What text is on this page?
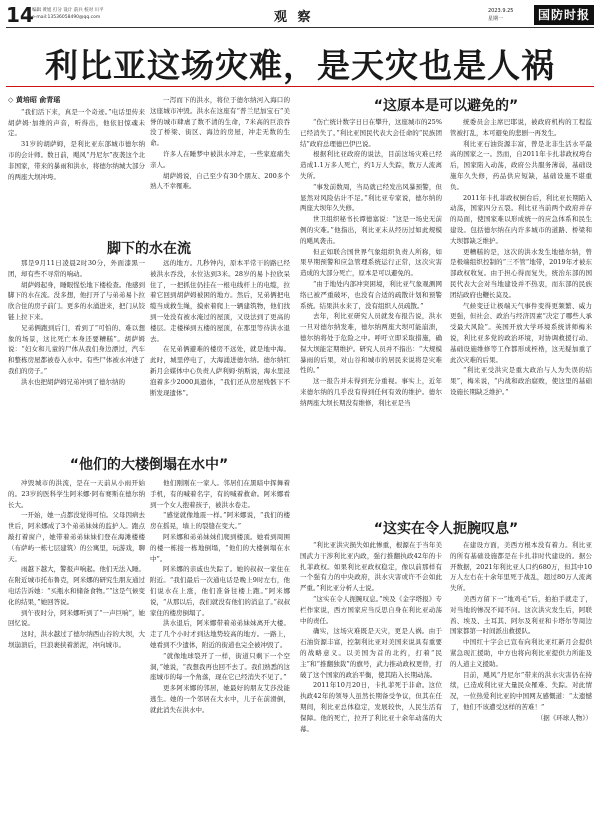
14
编辑 黄旭 打分 设计 前兵 校对 川平
e-mail:13536058490@qq.com	观 察	2023.9.25
星期一	国防时报
利比亚这场灾难，是天灾也是人祸

◇ 黄培昭 俞青瑶

“我们活下来，真是一个奇迹。”电话里传来胡萨姆·加维的声音，听得出，他依旧惊魂未定。

31岁的胡萨姆，是利比亚东部城市德尔纳市的会计师。数日前，飓风“丹尼尔”夜袭这个北非国家，带来的暴雨和洪水，将德尔纳城大部分的两座大坝冲垮。

一泻而下的洪水，将位于德尔纳河入海口的这座城市冲毁。洪水在这座有“普兰尼加宝石”美誉的城市肆虐了数不清的生命，7米高的巨浪吞没了桥梁、街区、海边的房屋，冲走无数的生命。

许多人在睡梦中被洪水冲走，一些家庭痛失亲人。

胡萨姆说，自己至少有30个朋友、200多个熟人不幸罹难。

脚下的水在流

那是9月11日凌晨2时30分，外面漆黑一团，却有些不寻常的响动。

胡萨姆起身，睡眼惺忪地下楼检查。他感到脚下的水在流。没多想，他打开了与弟弟易卜拉欣合住的房子前门。更多的水涌进来，把门从铰链上拉下来。

兄弟俩跑到后门，看到了“可怕的、难以想象的场景，这比死亡本身还要糟糕”。胡萨姆说：“妇女和儿童的尸体从我们身边漂过，汽车和整栋房屋都被卷入水中。有些尸体被水冲进了我们的房子。”

洪水也把胡萨姆兄弟冲到了德尔纳的

远的地方。几秒钟内，原本平常干的路已经被洪水吞没，水位达到3米。28岁的易卜拉欣呆住了，一把抓住仍挂在一根电线杆上的电缆，拉着它回到胡萨姆被困的地方。然后，兄弟俩把电缆当成救生绳，摸索着爬上一辆建筑物，他们找到一处没有被水淹过的屋顶，又设法到了更高的楼层。走楼梯到五楼的屋顶，在那里等待洪水退去。

在兄弟俩避难的楼房不远处，就是地中海。此时，城里停电了，大海涌进德尔纳。德尔纳红新月会媒体中心负责人萨利姆·纳斯说，海水里浸泡着多少2000具遗体，“我们还从房屋残骸下不断发现遗体”。

“他们的大楼倒塌在水中”

冲毁城市的洪流，是在一天前从小雨开始的。23岁的医科学生阿米娜·阿布赛斯在德尔纳长大。

一开始，她一点都没觉得可怕。父母因病去世后，阿米娜成了3个弟弟妹妹的监护人。跑点敲打着窗户，她带着弟弟妹妹们登在海滩楼楼（布萨屿一栋七层建筑）的公寓里，玩游戏，聊天。

雨越下越大，警报声响起。他们无法入睡。在附近城市托布鲁克，阿米娜的研究生朋友通过电话告诉她：“买瓶水和储备食物。”“这是气候变化的结果，”她回答说。

到午夜时分，阿米娜听到了“一声巨响”，她回忆说。

这时，洪水越过了德尔纳西山谷的大坝，大坝崩溃后，巨浪裹挟着淤泥，冲向城市。

他们刚刚在一家人。邻居们在黑暗中挥舞着手机，有的喊着名字，有的喊着救命。阿米娜看到一个女人抱着孩子，被洪水卷走。

“感觉就像地震一样。”阿米娜说，“我们的楼房在摇晃，墙上的裂缝在变大。”

阿米娜和弟弟妹妹们爬到楼顶。她看到周围的楼一栋接一栋地倒塌，“他们的大楼倒塌在水中”。

阿米娜的亲戚也失踪了。她的叔叔一家住在附近。“我们最后一次通电话是晚上9时左右，他们说水在上涨，他们准备往楼上跑。”阿米娜说，“从那以后，我们就没有他们的消息了。”叔叔家住的楼房倒塌了。

洪水退后，阿米娜带着弟弟妹妹离开大楼。走了几个小时才到达地势较高的地方。一路上，她看到不少遗体，附近的街道也完全被冲毁了。

“就像地球裂开了一样，街道只剩下一个空洞，”她说，“我想我再也回不去了。我们熟悉的这座城市的每一个角落，现在它已经消失不见了。”

更多阿米娜的邻居，她最好的朋友艾莎没能逃生。她的一个邻居在大水中，儿子在前滑倒，就此消失在洪水中。

“这原本是可以避免的”

“伤亡统计数字日日在攀升，这座城市的25%已经消失了。”利比亚国民代表大会任命的“民族团结”政府总理德巴伊巴说。

根据利比亚政府的说法，目前这场灾难已经造成1.1万多人死亡，约1万人失踪，数万人流离失所。

“事发前数周，当局就已经发出风暴预警，但显然对风险估计不足。”利比亚专家说，德尔纳的两座大坝年久失修。

世卫组织秘书长谭德塞说：“这是一场史无前例的灾难。”他指出，利比亚未从经历过如此规模的飓风袭击。

但正如联合国世界气象组织负责人所称，如果早期预警和应急管理系统运行正常，这次灾害造成的大部分死亡，原本是可以避免的。

“由于地处内部冲突困境，利比亚气象观测网络已被严重破坏，也没有合适的疏散计划和预警系统。结果洪水来了，没有组织人员疏散。”

去年，利比亚研究人员就发布报告说，洪水一旦对德尔纳发难，德尔纳两座大坝可能崩溃，德尔纳将处于危险之中。呼吁立即采取措施，确保大坝能定期维护。研究人员并不指出：“大规模暴雨的后果，对山谷和城市的居民来说将是灾难性的。”

这一报告并未得到充分重视。事实上，近年来德尔纳的几乎没有得到任何有效的维护。德尔纳两座大坝长期没有维修，利比亚是当

统委员会主席巴耶说，被政府机构的工程监管被打乱，本可避免的悲剧一再发生。

利比亚石油资源丰富，曾是北非生活水平最高的国家之一。然而，自2011年卡扎菲政权垮台后，国家陷入动荡，政府公共服务薄弱，基础设施年久失修，药品供应短缺，基础设施不堪重负。

2011年卡扎菲政权倒台后，利比亚长期陷入动荡，国家四分五裂。利比亚当前两个政府并存的局面，使国家难以形成统一的应急体系和民生建设。包括德尔纳在内许多城市的道路、桥梁和大坝都缺乏维护。

更糟糕的是，这次的洪水发生地德尔纳，曾是极端组织控制的“三不管”地带，2019年才被东部政权收复。由于担心得而复失，统治东部的国民代表大会对当地建设并不热衷，而东部的民族团结政府也鞭长莫及。

气候变迁让极端天气事件变得更频繁、威力更强，但社会、政治与经济因素“决定了哪些人承受最大风险”。英国开放大学环境系统讲师梅米说，利比亚多党的政治环境，对协调救援行动、基础设施维修等工作都形成桎梏，这无疑加重了此次灾难的后果。

“利比亚受洪灾是重大政治与人为失误的结果”，梅米说，“内战和政治腐败，使这里的基础设施长期缺乏维护。”

“这实在令人扼腕叹息”

“利比亚洪灾损失如此惨重，根源在于当年美国武力干涉利比亚内政，强行推翻执政42年的卡扎菲政权。如果利比亚政权稳定，像以前那样有一个强有力的中央政府，洪水灾害或许不会如此严重。”利比亚分析人士说。

“这实在令人扼腕叹息。”埃及《金字塔报》专栏作家说，西方国家应当反思自身在利比亚动荡中的责任。

确实，这场灾难既是天灾，更是人祸。由于石油资源丰富，控制利比亚对美国来说具有重要的战略意义。以美国为首的北约，打着“民主”和“推翻独裁”的旗号，武力推动政权更替，打破了这个国家的政治平衡，使其陷入长期动荡。

2011年10月20日，卡扎菲死于非命。这位执政42年的领导人虽然长期备受争议，但其在任期间，利比亚总体稳定，发展较快，人民生活有保障。他的死亡，拉开了利比亚十余年动荡的大幕。

在建设方面，美西方根本没有着力。利比亚的所有基础设施都是在卡扎菲时代建设的。据公开数据，2021年利比亚人口约680万，但其中10万人左右在十余年里死于战乱，超过80万人流离失所。

美西方留下一“地鸡毛”后，拍拍手就走了，对当地的惨况不闻不问。这次洪灾发生后，阿联酋、埃及、土耳其、阿尔及利亚和卡塔尔等周边国家都第一时间派出救援队。

中国红十字会已宣布向利比亚红新月会提供紧急现汇援助，中方也将向利比亚提供力所能及的人道主义援助。

目前，飓风“丹尼尔”带来的洪水灾害仍在持续，已造成利比亚大量民众罹难、失踪。对此情况，一位热爱利比亚的中国网友感慨道：“太遗憾了，他们不该遭受这样的苦难！”

（据《环球人物》）
